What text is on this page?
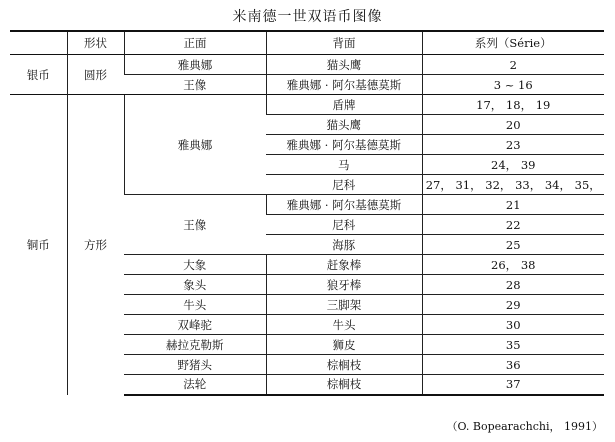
米南德一世双语币图像
	形状	正面	背面	系列（Série）
银币	圆形	雅典娜	猫头鹰	2
		王像	雅典娜 · 阿尔基德莫斯	3 ~ 16
铜币	方形	雅典娜	盾牌	17， 18， 19
			猫头鹰	20
			雅典娜 · 阿尔基德莫斯	23
			马	24， 39
			尼科	27， 31， 32， 33， 34， 35，
		王像	雅典娜 · 阿尔基德莫斯	21
			尼科	22
			海豚	25
		大象	赶象棒	26， 38
		象头	狼牙棒	28
		牛头	三脚架	29
		双峰驼	牛头	30
		赫拉克勒斯	狮皮	35
		野猪头	棕榈枝	36
		法轮	棕榈枝	37
（O. Bopearachchi， 1991）
